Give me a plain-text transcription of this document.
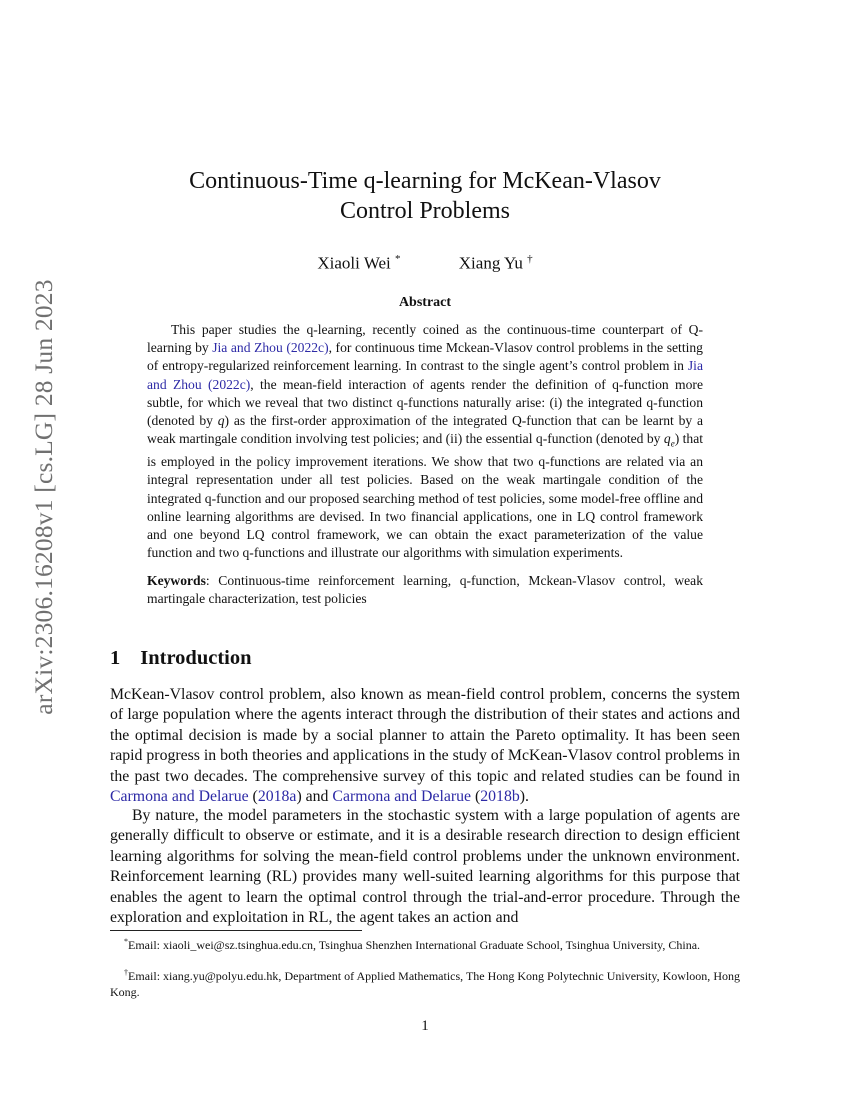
arXiv:2306.16208v1 [cs.LG] 28 Jun 2023
Continuous-Time q-learning for McKean-Vlasov
Control Problems
Xiaoli Wei *	Xiang Yu †
Abstract
This paper studies the q-learning, recently coined as the continuous-time counterpart of Q-learning by Jia and Zhou (2022c), for continuous time Mckean-Vlasov control problems in the setting of entropy-regularized reinforcement learning. In contrast to the single agent’s control problem in Jia and Zhou (2022c), the mean-field interaction of agents render the definition of q-function more subtle, for which we reveal that two distinct q-functions naturally arise: (i) the integrated q-function (denoted by q) as the first-order approximation of the integrated Q-function that can be learnt by a weak martingale condition involving test policies; and (ii) the essential q-function (denoted by $q_e$) that is employed in the policy improvement iterations. We show that two q-functions are related via an integral representation under all test policies. Based on the weak martingale condition of the integrated q-function and our proposed searching method of test policies, some model-free offline and online learning algorithms are devised. In two financial applications, one in LQ control framework and one beyond LQ control framework, we can obtain the exact parameterization of the value function and two q-functions and illustrate our algorithms with simulation experiments.
Keywords: Continuous-time reinforcement learning, q-function, Mckean-Vlasov control, weak martingale characterization, test policies
1 Introduction
McKean-Vlasov control problem, also known as mean-field control problem, concerns the system of large population where the agents interact through the distribution of their states and actions and the optimal decision is made by a social planner to attain the Pareto optimality. It has been seen rapid progress in both theories and applications in the study of McKean-Vlasov control problems in the past two decades. The comprehensive survey of this topic and related studies can be found in Carmona and Delarue (2018a) and Carmona and Delarue (2018b).
By nature, the model parameters in the stochastic system with a large population of agents are generally difficult to observe or estimate, and it is a desirable research direction to design efficient learning algorithms for solving the mean-field control problems under the unknown environment. Reinforcement learning (RL) provides many well-suited learning algorithms for this purpose that enables the agent to learn the optimal control through the trial-and-error procedure. Through the exploration and exploitation in RL, the agent takes an action and
*Email: xiaoli_wei@sz.tsinghua.edu.cn, Tsinghua Shenzhen International Graduate School, Tsinghua University, China.
†Email: xiang.yu@polyu.edu.hk, Department of Applied Mathematics, The Hong Kong Polytechnic University, Kowloon, Hong Kong.
1
